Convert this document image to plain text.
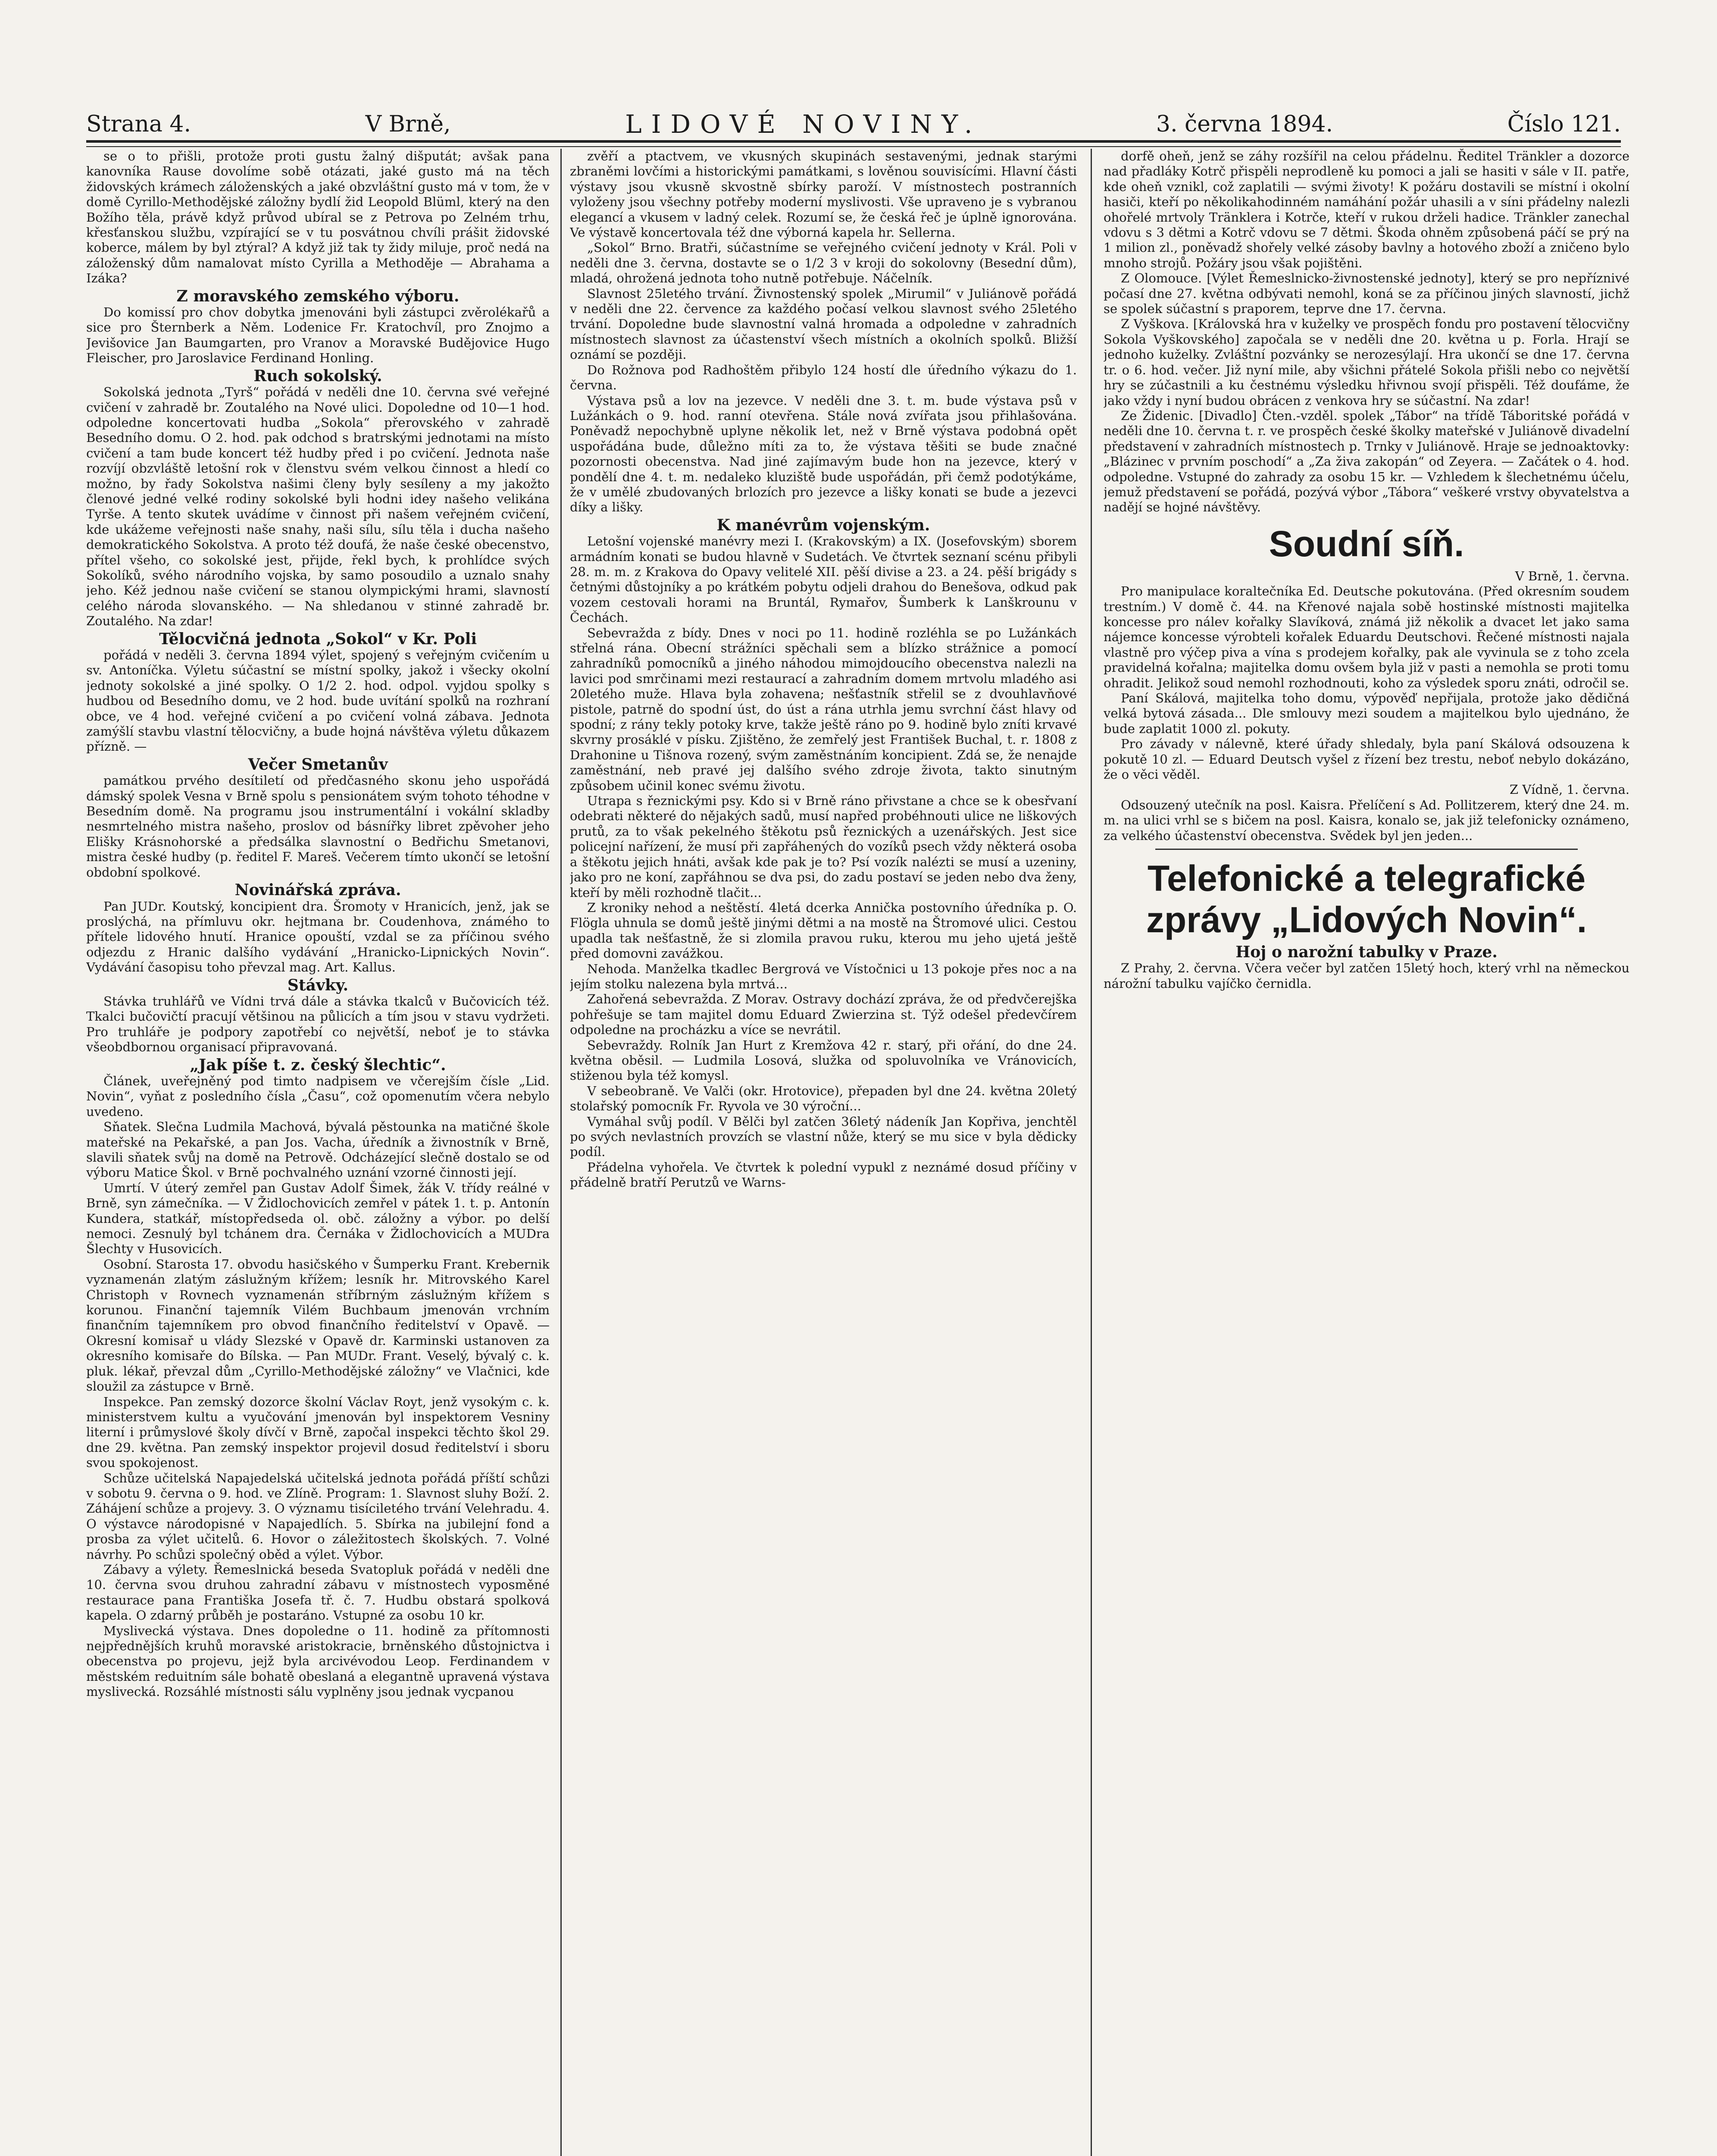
Strana 4.	V Brně,	LIDOVÉ NOVINY.	3. června 1894.	Číslo 121.

se o to přišli, protože proti gustu žalný dišputát; avšak pana kanovníka Rause dovolíme sobě otázati, jaké gusto má na těch židovských krámech záloženských a jaké obzvláštní gusto má v tom, že v domě Cyrillo-Methodějské záložny bydlí žid Leopold Blüml, který na den Božího těla, právě když průvod ubíral se z Petrova po Zelném trhu, křesťanskou službu, vzpírající se v tu posvátnou chvíli prášit židovské koberce, málem by byl ztýral? A když již tak ty židy miluje, proč nedá na záloženský dům namalovat místo Cyrilla a Methoděje — Abrahama a Izáka?

Z moravského zemského výboru.

Do komissí pro chov dobytka jmenováni byli zástupci zvěrolékařů a sice pro Šternberk a Něm. Lodenice Fr. Kratochvíl, pro Znojmo a Jevišovice Jan Baumgarten, pro Vranov a Moravské Budějovice Hugo Fleischer, pro Jaroslavice Ferdinand Honling.

Ruch sokolský.

Sokolská jednota „Tyrš“ pořádá v neděli dne 10. června své veřejné cvičení v zahradě br. Zoutalého na Nové ulici. Dopoledne od 10—1 hod. odpoledne koncertovati hudba „Sokola“ přerovského v zahradě Besedního domu. O 2. hod. pak odchod s bratrskými jednotami na místo cvičení a tam bude koncert též hudby před i po cvičení. Jednota naše rozvíjí obzvláště letošní rok v členstvu svém velkou činnost a hledí co možno, by řady Sokolstva našimi členy byly sesíleny a my jakožto členové jedné velké rodiny sokolské byli hodni idey našeho velikána Tyrše. A tento skutek uvádíme v činnost při našem veřejném cvičení, kde ukážeme veřejnosti naše snahy, naši sílu, sílu těla i ducha našeho demokratického Sokolstva. A proto též doufá, že naše české obecenstvo, přítel všeho, co sokolské jest, přijde, řekl bych, k prohlídce svých Sokolíků, svého národního vojska, by samo posoudilo a uznalo snahy jeho. Kéž jednou naše cvičení se stanou olympickými hrami, slavností celého národa slovanského. — Na shledanou v stinné zahradě br. Zoutalého. Na zdar!

Tělocvičná jednota „Sokol“ v Kr. Poli

pořádá v neděli 3. června 1894 výlet, spojený s veřejným cvičením u sv. Antoníčka. Výletu súčastní se místní spolky, jakož i všecky okolní jednoty sokolské a jiné spolky. O 1/2 2. hod. odpol. vyjdou spolky s hudbou od Besedního domu, ve 2 hod. bude uvítání spolků na rozhraní obce, ve 4 hod. veřejné cvičení a po cvičení volná zábava. Jednota zamýšlí stavbu vlastní tělocvičny, a bude hojná návštěva výletu důkazem přízně. —

Večer Smetanův

památkou prvého desítiletí od předčasného skonu jeho uspořádá dámský spolek Vesna v Brně spolu s pensionátem svým tohoto téhodne v Besedním domě. Na programu jsou instrumentální i vokální skladby nesmrtelného mistra našeho, proslov od básnířky libret zpěvoher jeho Elišky Krásnohorské a předsálka slavnostní o Bedřichu Smetanovi, mistra české hudby (p. ředitel F. Mareš. Večerem tímto ukončí se letošní obdobní spolkové.

Novinářská zpráva.

Pan JUDr. Koutský, koncipient dra. Šromoty v Hranicích, jenž, jak se proslýchá, na přímluvu okr. hejtmana br. Coudenhova, známého to přítele lidového hnutí. Hranice opouští, vzdal se za příčinou svého odjezdu z Hranic dalšího vydávání „Hranicko-Lipnických Novin“. Vydávání časopisu toho převzal mag. Art. Kallus.

Stávky.

Stávka truhlářů ve Vídni trvá dále a stávka tkalců v Bučovicích též. Tkalci bučovičtí pracují většinou na půlicích a tím jsou v stavu vydržeti. Pro truhláře je podpory zapotřebí co největší, neboť je to stávka všeobdbornou organisací připravovaná.

„Jak píše t. z. český šlechtic“.

Článek, uveřejněný pod timto nadpisem ve včerejším čísle „Lid. Novin“, vyňat z posledního čísla „Času“, což opomenutím včera nebylo uvedeno.

Sňatek. Slečna Ludmila Machová, bývalá pěstounka na matičné škole mateřské na Pekařské, a pan Jos. Vacha, úředník a živnostník v Brně, slavili sňatek svůj na domě na Petrově. Odcházející slečně dostalo se od výboru Matice Škol. v Brně pochvalného uznání vzorné činnosti její.

Umrtí. V úterý zemřel pan Gustav Adolf Šimek, žák V. třídy reálné v Brně, syn zámečníka. — V Židlochovicích zemřel v pátek 1. t. p. Antonín Kundera, statkář, místopředseda ol. obč. záložny a výbor. po delší nemoci. Zesnulý byl tchánem dra. Černáka v Židlochovicích a MUDra Šlechty v Husovicích.

Osobní. Starosta 17. obvodu hasičského v Šumperku Frant. Krebernik vyznamenán zlatým záslužným křížem; lesník hr. Mitrovského Karel Christoph v Rovnech vyznamenán stříbrným záslužným křížem s korunou. Finanční tajemník Vilém Buchbaum jmenován vrchním finančním tajemníkem pro obvod finančního ředitelství v Opavě. — Okresní komisař u vlády Slezské v Opavě dr. Karminski ustanoven za okresního komisaře do Bílska. — Pan MUDr. Frant. Veselý, bývalý c. k. pluk. lékař, převzal dům „Cyrillo-Methodějské záložny“ ve Vlačnici, kde sloužil za zástupce v Brně.

Inspekce. Pan zemský dozorce školní Václav Royt, jenž vysokým c. k. ministerstvem kultu a vyučování jmenován byl inspektorem Vesniny literní i průmyslové školy dívčí v Brně, započal inspekci těchto škol 29. dne 29. května. Pan zemský inspektor projevil dosud ředitelství i sboru svou spokojenost.

Schůze učitelská Napajedelská učitelská jednota pořádá příští schůzi v sobotu 9. června o 9. hod. ve Zlíně. Program: 1. Slavnost sluhy Boží. 2. Záhájení schůze a projevy. 3. O významu tisíciletého trvání Velehradu. 4. O výstavce národopisné v Napajedlích. 5. Sbírka na jubilejní fond a prosba za výlet učitelů. 6. Hovor o záležitostech školských. 7. Volné návrhy. Po schůzi společný oběd a výlet. Výbor.

Zábavy a výlety. Řemeslnická beseda Svatopluk pořádá v neděli dne 10. června svou druhou zahradní zábavu v místnostech vyposměné restaurace pana Františka Josefa tř. č. 7. Hudbu obstará spolková kapela. O zdarný průběh je postaráno. Vstupné za osobu 10 kr.

Myslivecká výstava. Dnes dopoledne o 11. hodině za přítomnosti nejpřednějších kruhů moravské aristokracie, brněnského důstojnictva i obecenstva po projevu, jejž byla arcivévodou Leop. Ferdinandem v městském reduitním sále bohatě obeslaná a elegantně upravená výstava myslivecká. Rozsáhlé místnosti sálu vyplněny jsou jednak vycpanou

zvěří a ptactvem, ve vkusných skupinách sestavenými, jednak starými zbraněmi lovčími a historickými památkami, s lověnou souvisícími. Hlavní části výstavy jsou vkusně skvostně sbírky paroží. V místnostech postranních vyloženy jsou všechny potřeby moderní myslivosti. Vše upraveno je s vybranou elegancí a vkusem v ladný celek. Rozumí se, že česká řeč je úplně ignorována. Ve výstavě koncertovala též dne výborná kapela hr. Sellerna.

„Sokol“ Brno. Bratři, súčastníme se veřejného cvičení jednoty v Král. Poli v neděli dne 3. června, dostavte se o 1/2 3 v kroji do sokolovny (Besední dům), mladá, ohrožená jednota toho nutně potřebuje. Náčelník.

Slavnost 25letého trvání. Živnostenský spolek „Mirumil“ v Juliánově pořádá v neděli dne 22. července za každého počasí velkou slavnost svého 25letého trvání. Dopoledne bude slavnostní valná hromada a odpoledne v zahradních místnostech slavnost za účastenství všech místních a okolních spolků. Bližší oznámí se později.

Do Rožnova pod Radhoštěm přibylo 124 hostí dle úředního výkazu do 1. června.

Výstava psů a lov na jezevce. V neděli dne 3. t. m. bude výstava psů v Lužánkách o 9. hod. ranní otevřena. Stále nová zvířata jsou přihlašována. Poněvadž nepochybně uplyne několik let, než v Brně výstava podobná opět uspořádána bude, důležno míti za to, že výstava těšiti se bude značné pozornosti obecenstva. Nad jiné zajímavým bude hon na jezevce, který v pondělí dne 4. t. m. nedaleko kluziště bude uspořádán, při čemž podotýkáme, že v umělé zbudovaných brlozích pro jezevce a lišky konati se bude a jezevci díky a lišky.

K manévrům vojenským.

Letošní vojenské manévry mezi I. (Krakovským) a IX. (Josefovským) sborem armádním konati se budou hlavně v Sudetách. Ve čtvrtek seznaní scénu přibyli 28. m. m. z Krakova do Opavy velitelé XII. pěší divise a 23. a 24. pěší brigády s četnými důstojníky a po krátkém pobytu odjeli drahou do Benešova, odkud pak vozem cestovali horami na Bruntál, Rymařov, Šumberk k Lanškrounu v Čechách.

Sebevražda z bídy. Dnes v noci po 11. hodině rozléhla se po Lužánkách střelná rána. Obecní strážníci spěchali sem a blízko strážnice a pomocí zahradníků pomocníků a jiného náhodou mimojdoucího obecenstva nalezli na lavici pod smrčinami mezi restaurací a zahradním domem mrtvolu mladého asi 20letého muže. Hlava byla zohavena; nešťastník střelil se z dvouhlavňové pistole, patrně do spodní úst, do úst a rána utrhla jemu svrchní část hlavy od spodní; z rány tekly potoky krve, takže ještě ráno po 9. hodině bylo zníti krvavé skvrny prosáklé v písku. Zjištěno, že zemřelý jest František Buchal, t. r. 1808 z Drahonine u Tišnova rozený, svým zaměstnáním koncipient. Zdá se, že nenajde zaměstnání, neb pravé jej dalšího svého zdroje života, takto sinutným způsobem učinil konec svému životu.

Utrapa s řeznickými psy. Kdo si v Brně ráno přivstane a chce se k obesřvaní odebrati některé do nějakých sadů, musí napřed probéhnouti ulice ne liškových prutů, za to však pekelného štěkotu psů řeznických a uzenářských. Jest sice policejní nařízení, že musí při zapřáhených do vozíků psech vždy některá osoba a štěkotu jejich hnáti, avšak kde pak je to? Psí vozík nalézti se musí a uzeniny, jako pro ne koní, zapřáhnou se dva psi, do zadu postaví se jeden nebo dva ženy, kteří by měli rozhodně tlačit...

Z kroniky nehod a neštěstí. 4letá dcerka Annička postovního úředníka p. O. Flögla uhnula se domů ještě jinými dětmi a na mostě na Štromové ulici. Cestou upadla tak nešťastně, že si zlomila pravou ruku, kterou mu jeho ujetá ještě před domovni zavážkou.

Nehoda. Manželka tkadlec Bergrová ve Vístočnici u 13 pokoje přes noc a na jejím stolku nalezena byla mrtvá...

Zahořená sebevražda. Z Morav. Ostravy dochází zpráva, že od předvčerejška pohřešuje se tam majitel domu Eduard Zwierzina st. Týž odešel předevčírem odpoledne na procházku a více se nevrátil.

Sebevraždy. Rolník Jan Hurt z Kremžova 42 r. starý, při ořání, do dne 24. května oběsil. — Ludmila Losová, služka od spoluvolníka ve Vránovicích, stiženou byla též komysl.

V sebeobraně. Ve Valči (okr. Hrotovice), přepaden byl dne 24. května 20letý stolařský pomocník Fr. Ryvola ve 30 výroční...

Vymáhal svůj podíl. V Bělči byl zatčen 36letý nádeník Jan Kopřiva, jenchtěl po svých nevlastních provzích se vlastní nůže, který se mu sice v byla dědicky podíl.

Přádelna vyhořela. Ve čtvrtek k polední vypukl z neznámé dosud příčiny v přádelně bratří Perutzů ve Warns-

dorfě oheň, jenž se záhy rozšířil na celou přádelnu. Ředitel Tränkler a dozorce nad přadláky Kotrč přispěli neprodleně ku pomoci a jali se hasiti v sále v II. patře, kde oheň vznikl, což zaplatili — svými životy! K požáru dostavili se místní i okolní hasiči, kteří po několikahodinném namáhání požár uhasili a v síni přádelny nalezli ohořelé mrtvoly Tränklera i Kotrče, kteří v rukou drželi hadice. Tränkler zanechal vdovu s 3 dětmi a Kotrč vdovu se 7 dětmi. Škoda ohněm způsobená páčí se prý na 1 milion zl., poněvadž shořely velké zásoby bavlny a hotového zboží a zničeno bylo mnoho strojů. Požáry jsou však pojištěni.

Z Olomouce. [Výlet Řemeslnicko-živnostenské jednoty], který se pro nepříznivé počasí dne 27. května odbývati nemohl, koná se za příčinou jiných slavností, jichž se spolek súčastní s praporem, teprve dne 17. června.

Z Vyškova. [Královská hra v kuželky ve prospěch fondu pro postavení tělocvičny Sokola Vyškovského] započala se v neděli dne 20. května u p. Forla. Hrají se jednoho kuželky. Zvláštní pozvánky se nerozesýlají. Hra ukončí se dne 17. června tr. o 6. hod. večer. Již nyní mile, aby všichni přátelé Sokola přišli nebo co největší hry se zúčastnili a ku čestnému výsledku hřivnou svojí přispěli. Též doufáme, že jako vždy i nyní budou obrácen z venkova hry se súčastní. Na zdar!

Ze Židenic. [Divadlo] Čten.-vzděl. spolek „Tábor“ na třídě Táboritské pořádá v neděli dne 10. června t. r. ve prospěch české školky mateřské v Juliánově divadelní představení v zahradních místnostech p. Trnky v Juliánově. Hraje se jednoaktovky: „Blázinec v prvním poschodí“ a „Za živa zakopán“ od Zeyera. — Začátek o 4. hod. odpoledne. Vstupné do zahrady za osobu 15 kr. — Vzhledem k šlechetnému účelu, jemuž představení se pořádá, pozývá výbor „Tábora“ veškeré vrstvy obyvatelstva a nadějí se hojné návštěvy.

Soudní síň.
V Brně, 1. června.

Pro manipulace koraltečníka Ed. Deutsche pokutována. (Před okresním soudem trestním.) V domě č. 44. na Křenové najala sobě hostinské místnosti majitelka koncesse pro nálev kořalky Slavíková, známá již několik a dvacet let jako sama nájemce koncesse výrobteli kořalek Eduardu Deutschovi. Řečené místnosti najala vlastně pro výčep piva a vína s prodejem kořalky, pak ale vyvinula se z toho zcela pravidelná kořalna; majitelka domu ovšem byla již v pasti a nemohla se proti tomu ohradit. Jelikož soud nemohl rozhodnouti, koho za výsledek sporu znáti, odročil se.

Paní Skálová, majitelka toho domu, výpověď nepřijala, protože jako dědičná velká bytová zásada... Dle smlouvy mezi soudem a majitelkou bylo ujednáno, že bude zaplatit 1000 zl. pokuty.

Pro závady v nálevně, které úřady shledaly, byla paní Skálová odsouzena k pokutě 10 zl. — Eduard Deutsch vyšel z řízení bez trestu, neboť nebylo dokázáno, že o věci věděl.

Z Vídně, 1. června.

Odsouzený utečník na posl. Kaisra. Přelíčení s Ad. Pollitzerem, který dne 24. m. m. na ulici vrhl se s bičem na posl. Kaisra, konalo se, jak již telefonicky oznámeno, za velkého účastenství obecenstva. Svědek byl jen jeden...

Telefonické a telegrafické zprávy „Lidových Novin“.
Hoj o narožní tabulky v Praze.

Z Prahy, 2. června. Včera večer byl zatčen 15letý hoch, který vrhl na německou nárožní tabulku vajíčko černidla.
